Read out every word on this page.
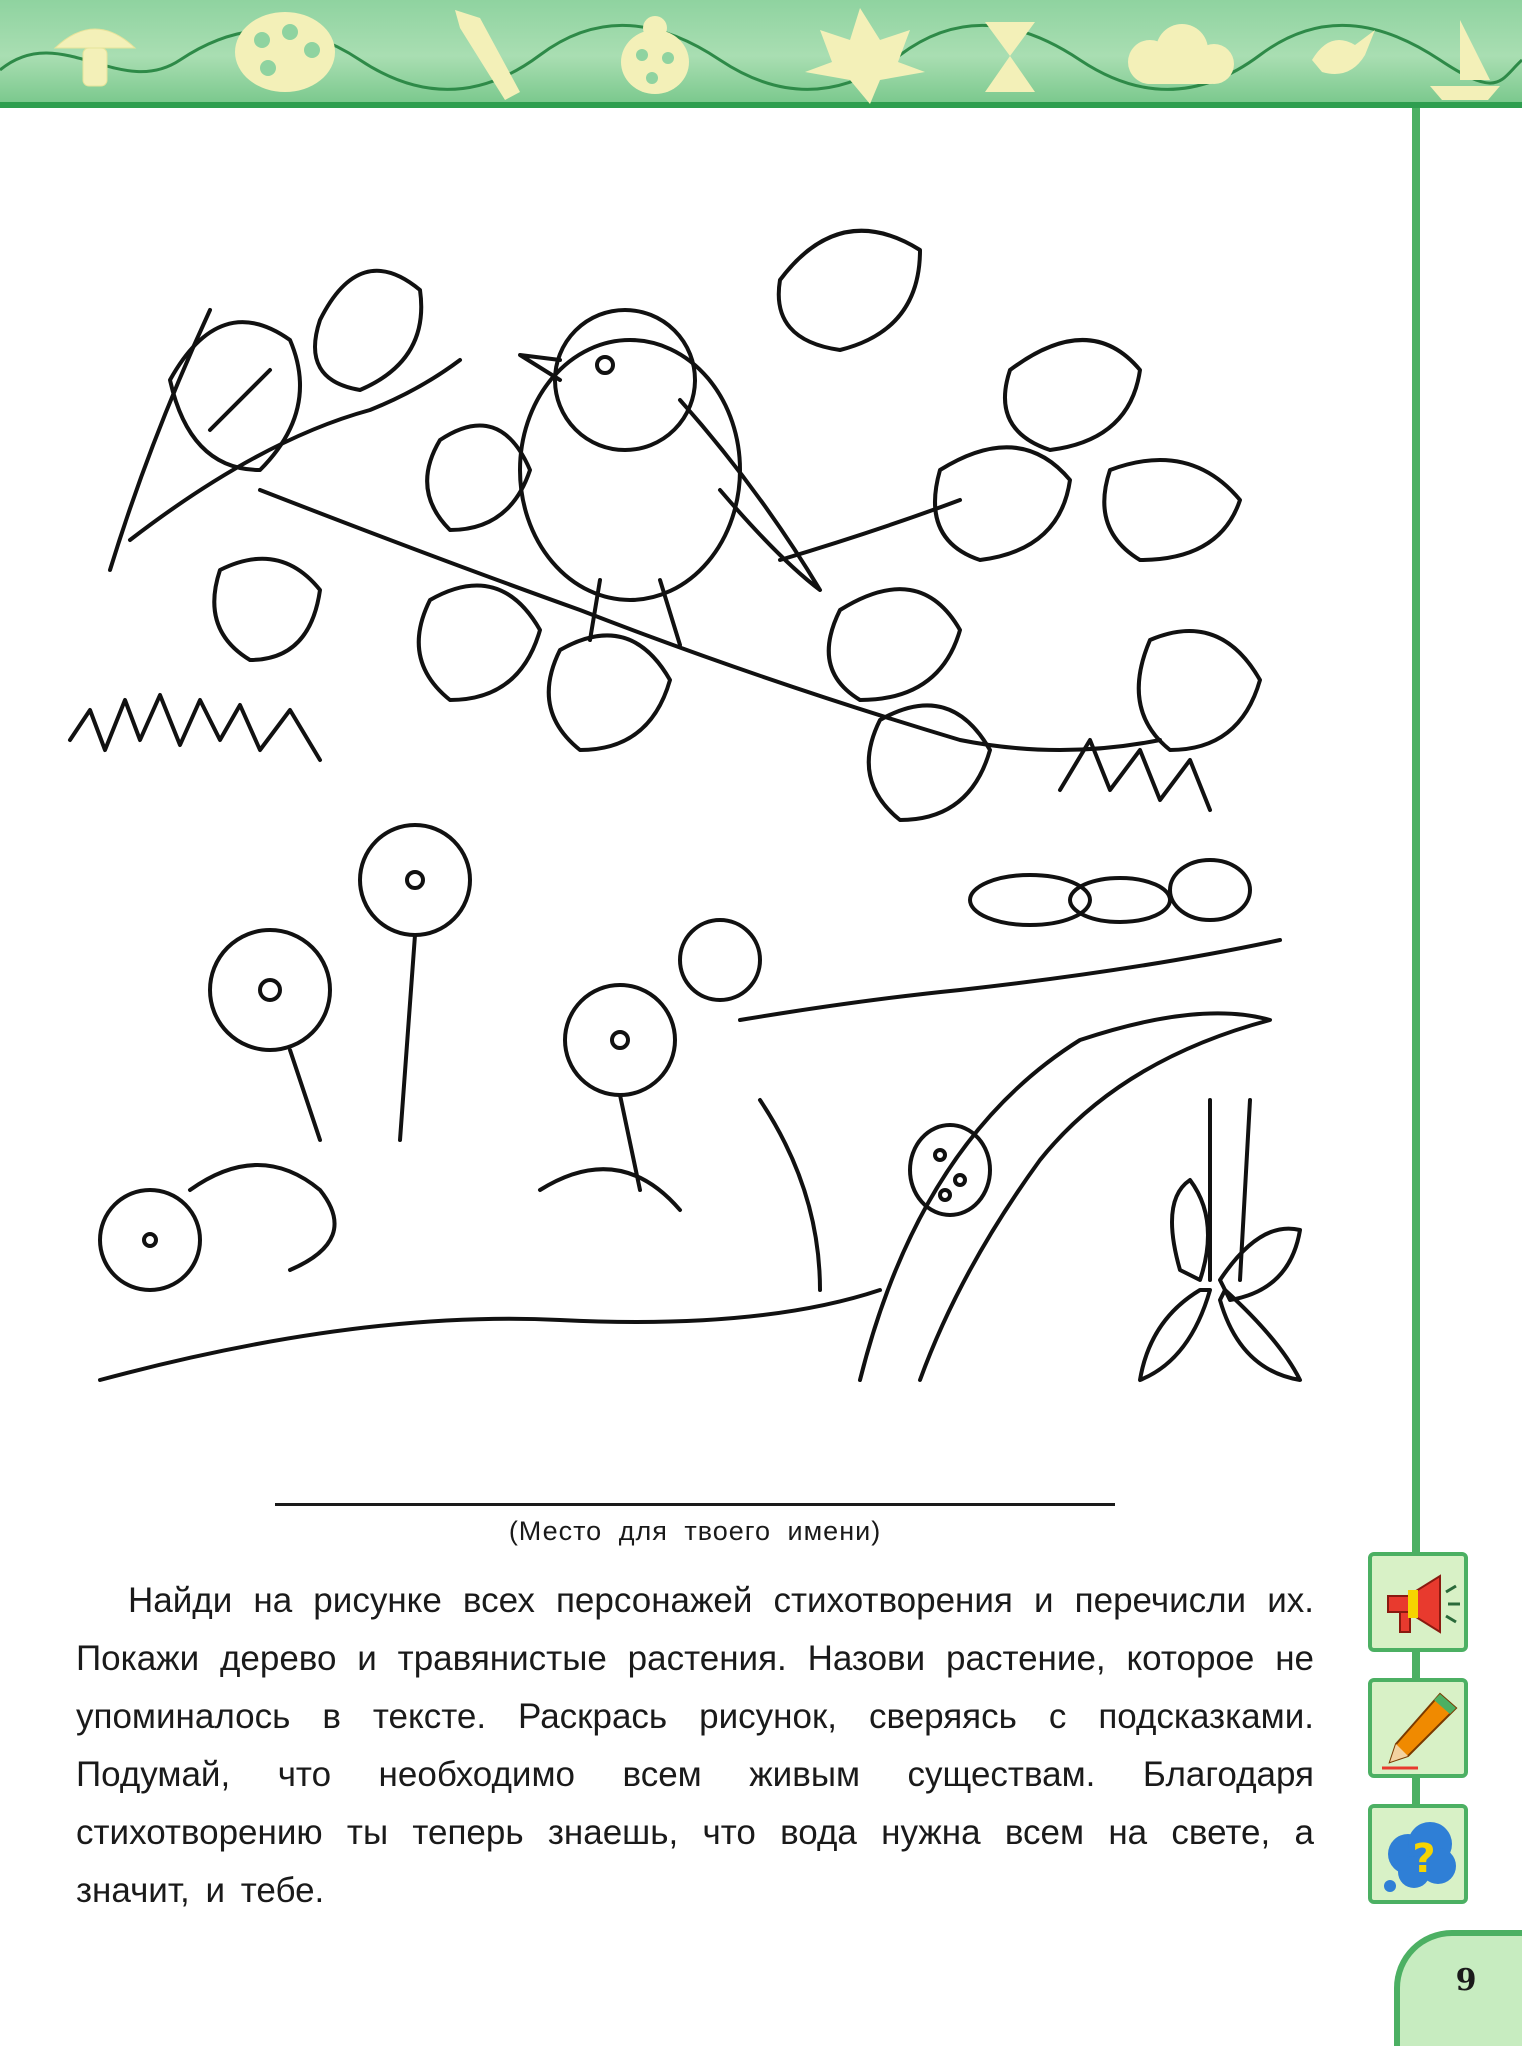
(Место для твоего имени)

Найди на рисунке всех персонажей стихотворения и перечисли их. Покажи дерево и травянистые растения. Назови растение, которое не упоминалось в тексте. Раскрась рисунок, сверяясь с подсказками. Подумай, что необходимо всем живым существам. Благодаря стихотворению ты теперь знаешь, что вода нужна всем на свете, а значит, и тебе.

?
9
